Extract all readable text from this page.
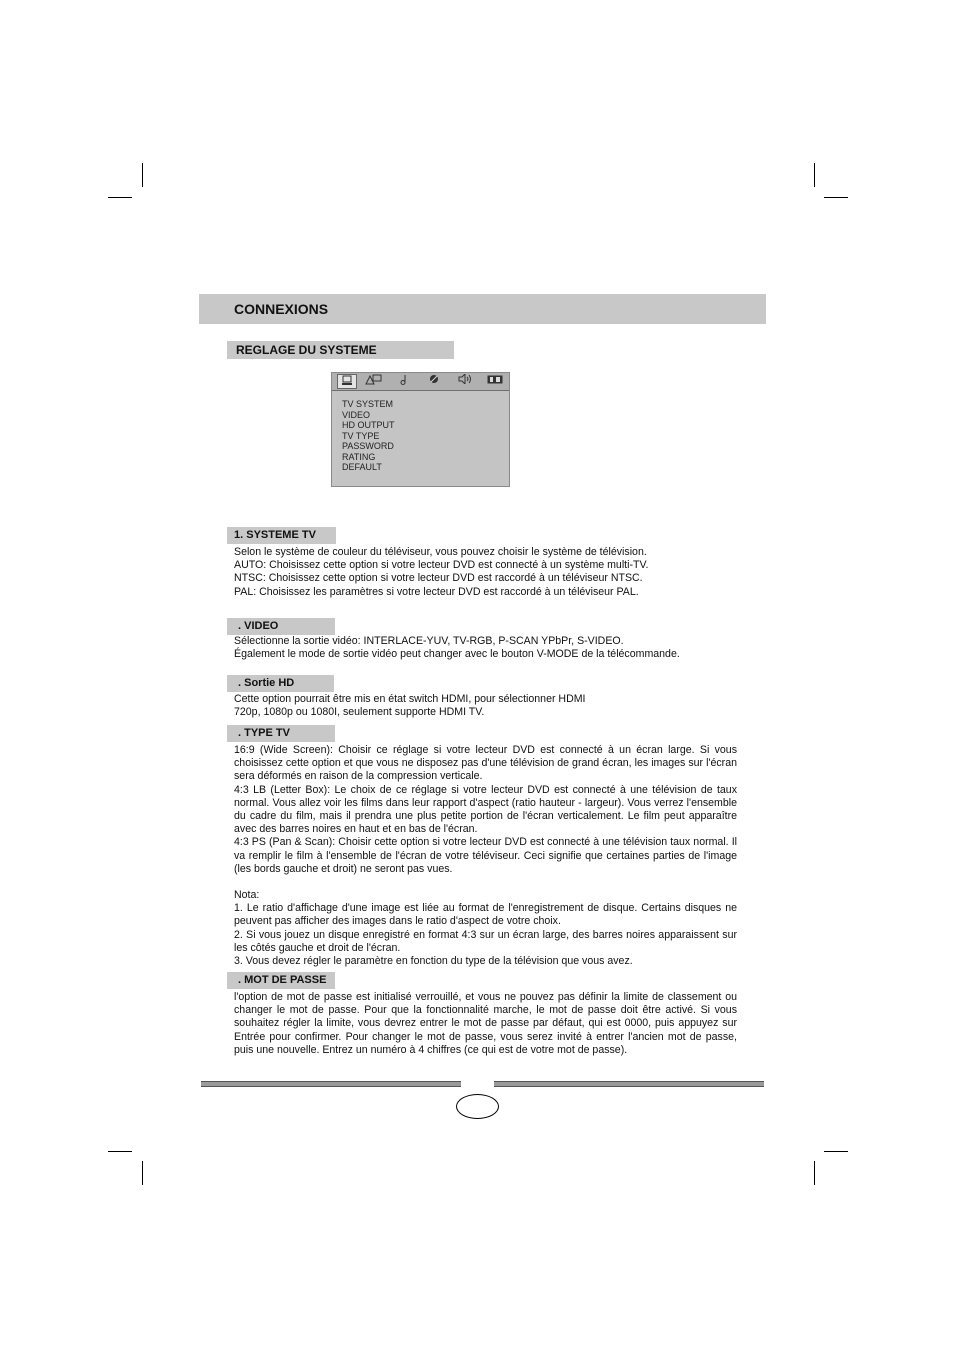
CONNEXIONS
REGLAGE DU SYSTEME
TV SYSTEM
VIDEO
HD OUTPUT
TV TYPE
PASSWORD
RATING
DEFAULT
1. SYSTEME TV
Selon le système de couleur du téléviseur, vous pouvez choisir le système de télévision.
AUTO: Choisissez cette option si votre lecteur DVD est connecté à un système multi-TV.
NTSC: Choisissez cette option si votre lecteur DVD est raccordé à un téléviseur NTSC.
PAL: Choisissez les paramètres si votre lecteur DVD est raccordé à un téléviseur PAL.
. VIDEO
Sélectionne la sortie vidéo: INTERLACE-YUV, TV-RGB, P-SCAN YPbPr, S-VIDEO.
Également le mode de sortie vidéo peut changer avec le bouton V-MODE de la télécommande.
. Sortie HD
Cette option pourrait être mis en état switch HDMI, pour sélectionner HDMI
720p, 1080p ou 1080I, seulement supporte HDMI TV.
. TYPE TV
16:9 (Wide Screen): Choisir ce réglage si votre lecteur DVD est connecté à un écran large. Si vous choisissez cette option et que vous ne disposez pas d'une télévision de grand écran, les images sur l'écran sera déformés en raison de la compression verticale.
4:3 LB (Letter Box): Le choix de ce réglage si votre lecteur DVD est connecté à une télévision de taux normal. Vous allez voir les films dans leur rapport d'aspect (ratio hauteur - largeur). Vous verrez l'ensemble du cadre du film, mais il prendra une plus petite portion de l'écran verticalement. Le film peut apparaître avec des barres noires en haut et en bas de l'écran.
4:3 PS (Pan & Scan): Choisir cette option si votre lecteur DVD est connecté à une télévision taux normal. Il va remplir le film à l'ensemble de l'écran de votre téléviseur. Ceci signifie que certaines parties de l'image (les bords gauche et droit) ne seront pas vues.
Nota:
1. Le ratio d'affichage d'une image est liée au format de l'enregistrement de disque. Certains disques ne peuvent pas afficher des images dans le ratio d'aspect de votre choix.
2. Si vous jouez un disque enregistré en format 4:3 sur un écran large, des barres noires apparaissent sur les côtés gauche et droit de l'écran.
3. Vous devez régler le paramètre en fonction du type de la télévision que vous avez.
. MOT DE PASSE
l'option de mot de passe est initialisé verrouillé, et vous ne pouvez pas définir la limite de classement ou changer le mot de passe. Pour que la fonctionnalité marche, le mot de passe doit être activé. Si vous souhaitez régler la limite, vous devrez entrer le mot de passe par défaut, qui est 0000, puis appuyez sur Entrée pour confirmer. Pour changer le mot de passe, vous serez invité à entrer l'ancien mot de passe, puis une nouvelle. Entrez un numéro à 4 chiffres (ce qui est de votre mot de passe).
